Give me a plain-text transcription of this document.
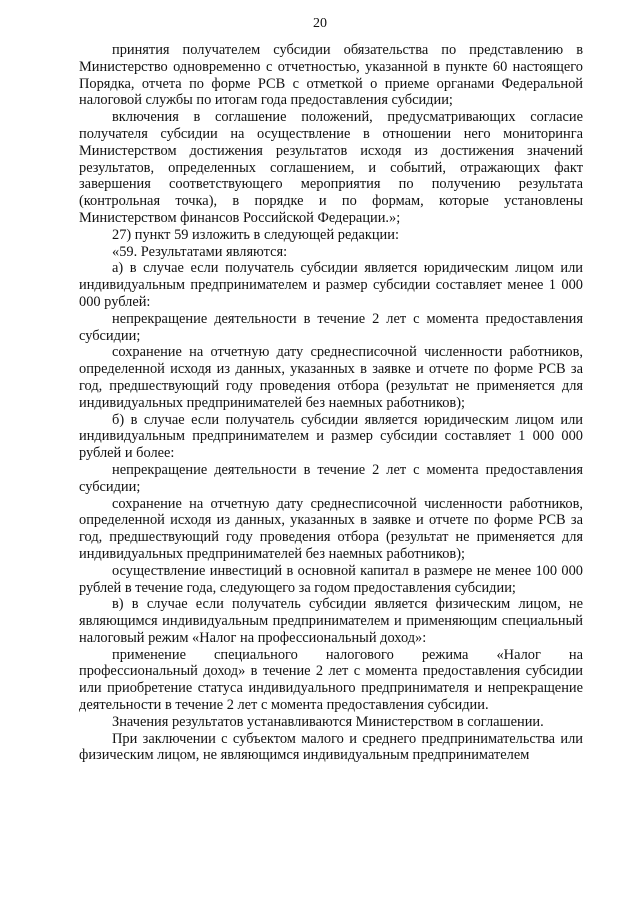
20

принятия получателем субсидии обязательства по представлению в Министерство одновременно с отчетностью, указанной в пункте 60 настоящего Порядка, отчета по форме РСВ с отметкой о приеме органами Федеральной налоговой службы по итогам года предоставления субсидии;

включения в соглашение положений, предусматривающих согласие получателя субсидии на осуществление в отношении него мониторинга Министерством достижения результатов исходя из достижения значений результатов, определенных соглашением, и событий, отражающих факт завершения соответствующего мероприятия по получению результата (контрольная точка), в порядке и по формам, которые установлены Министерством финансов Российской Федерации.»;

27) пункт 59 изложить в следующей редакции:

«59. Результатами являются:

а) в случае если получатель субсидии является юридическим лицом или индивидуальным предпринимателем и размер субсидии составляет менее 1 000 000 рублей:

непрекращение деятельности в течение 2 лет с момента предоставления субсидии;

сохранение на отчетную дату среднесписочной численности работников, определенной исходя из данных, указанных в заявке и отчете по форме РСВ за год, предшествующий году проведения отбора (результат не применяется для индивидуальных предпринимателей без наемных работников);

б) в случае если получатель субсидии является юридическим лицом или индивидуальным предпринимателем и размер субсидии составляет 1 000 000 рублей и более:

непрекращение деятельности в течение 2 лет с момента предоставления субсидии;

сохранение на отчетную дату среднесписочной численности работников, определенной исходя из данных, указанных в заявке и отчете по форме РСВ за год, предшествующий году проведения отбора (результат не применяется для индивидуальных предпринимателей без наемных работников);

осуществление инвестиций в основной капитал в размере не менее 100 000 рублей в течение года, следующего за годом предоставления субсидии;

в) в случае если получатель субсидии является физическим лицом, не являющимся индивидуальным предпринимателем и применяющим специальный налоговый режим «Налог на профессиональный доход»:

применение специального налогового режима «Налог на профессиональный доход» в течение 2 лет с момента предоставления субсидии или приобретение статуса индивидуального предпринимателя и непрекращение деятельности в течение 2 лет с момента предоставления субсидии.

Значения результатов устанавливаются Министерством в соглашении.

При заключении с субъектом малого и среднего предпринимательства или физическим лицом, не являющимся индивидуальным предпринимателем
